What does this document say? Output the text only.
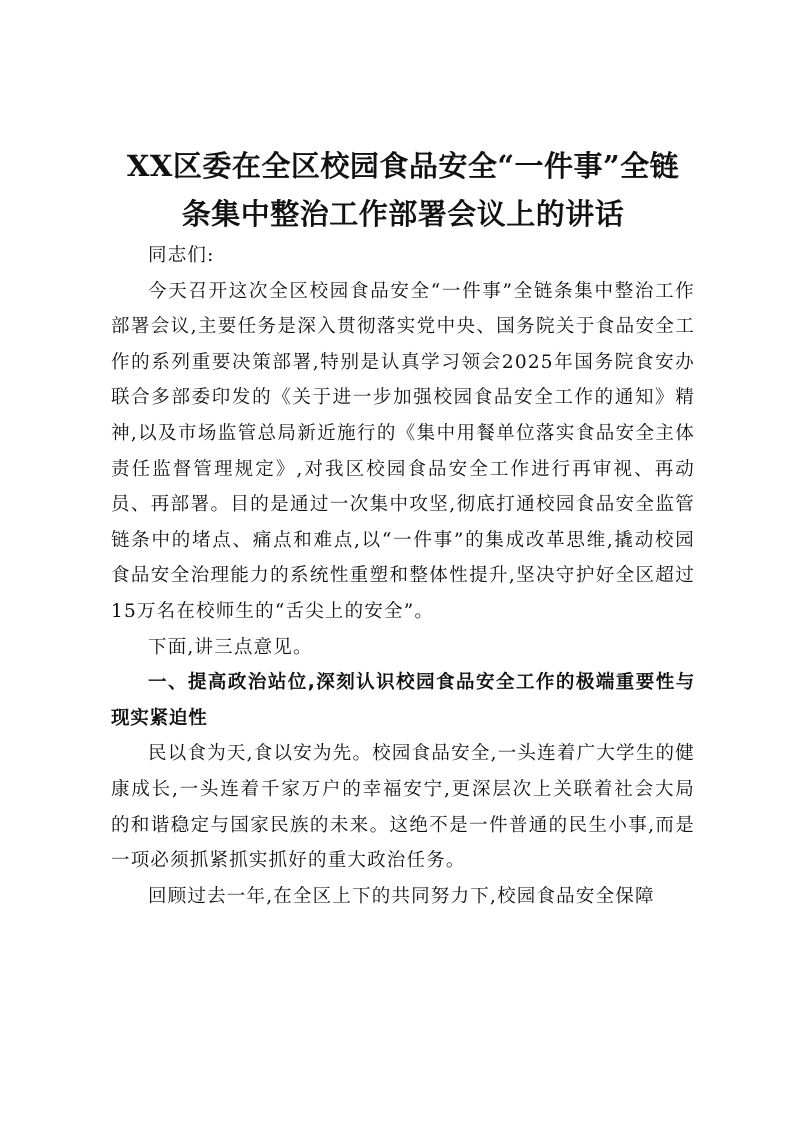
XX区委在全区校园食品安全“一件事”全链
条集中整治工作部署会议上的讲话

同志们:

今天召开这次全区校园食品安全“一件事”全链条集中整治工作部署会议,主要任务是深入贯彻落实党中央、国务院关于食品安全工作的系列重要决策部署,特别是认真学习领会2025年国务院食安办联合多部委印发的《关于进一步加强校园食品安全工作的通知》精神,以及市场监管总局新近施行的《集中用餐单位落实食品安全主体责任监督管理规定》,对我区校园食品安全工作进行再审视、再动员、再部署。目的是通过一次集中攻坚,彻底打通校园食品安全监管链条中的堵点、痛点和难点,以“一件事”的集成改革思维,撬动校园食品安全治理能力的系统性重塑和整体性提升,坚决守护好全区超过15万名在校师生的“舌尖上的安全”。

下面,讲三点意见。

一、提高政治站位,深刻认识校园食品安全工作的极端重要性与现实紧迫性

民以食为天,食以安为先。校园食品安全,一头连着广大学生的健康成长,一头连着千家万户的幸福安宁,更深层次上关联着社会大局的和谐稳定与国家民族的未来。这绝不是一件普通的民生小事,而是一项必须抓紧抓实抓好的重大政治任务。

回顾过去一年,在全区上下的共同努力下,校园食品安全保障
